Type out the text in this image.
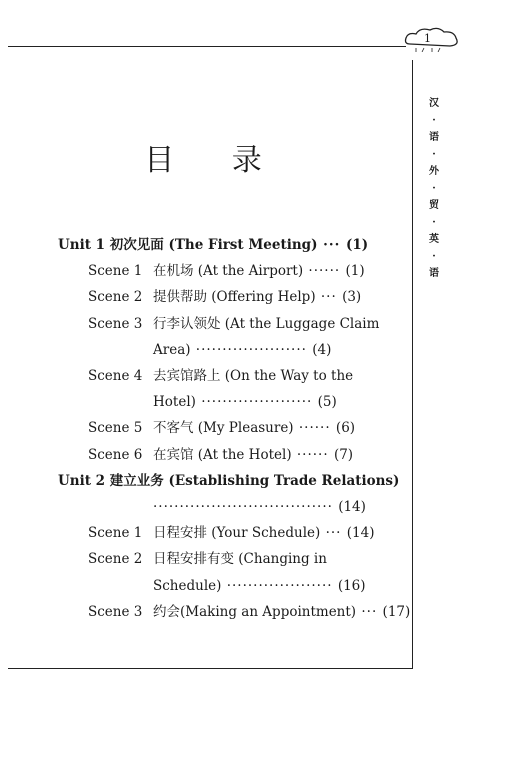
1
汉·语·外·贸·英·语
目 录
Unit 1 初次见面 (The First Meeting) ··· (1)
Scene 1 在机场 (At the Airport) ······ (1)
Scene 2 提供帮助 (Offering Help) ··· (3)
Scene 3 行李认领处 (At the Luggage Claim
Area) ····················· (4)
Scene 4 去宾馆路上 (On the Way to the
Hotel) ····················· (5)
Scene 5 不客气 (My Pleasure) ······ (6)
Scene 6 在宾馆 (At the Hotel) ······ (7)
Unit 2 建立业务 (Establishing Trade Relations)
·································· (14)
Scene 1 日程安排 (Your Schedule) ··· (14)
Scene 2 日程安排有变 (Changing in
Schedule) ···················· (16)
Scene 3 约会(Making an Appointment) ··· (17)
